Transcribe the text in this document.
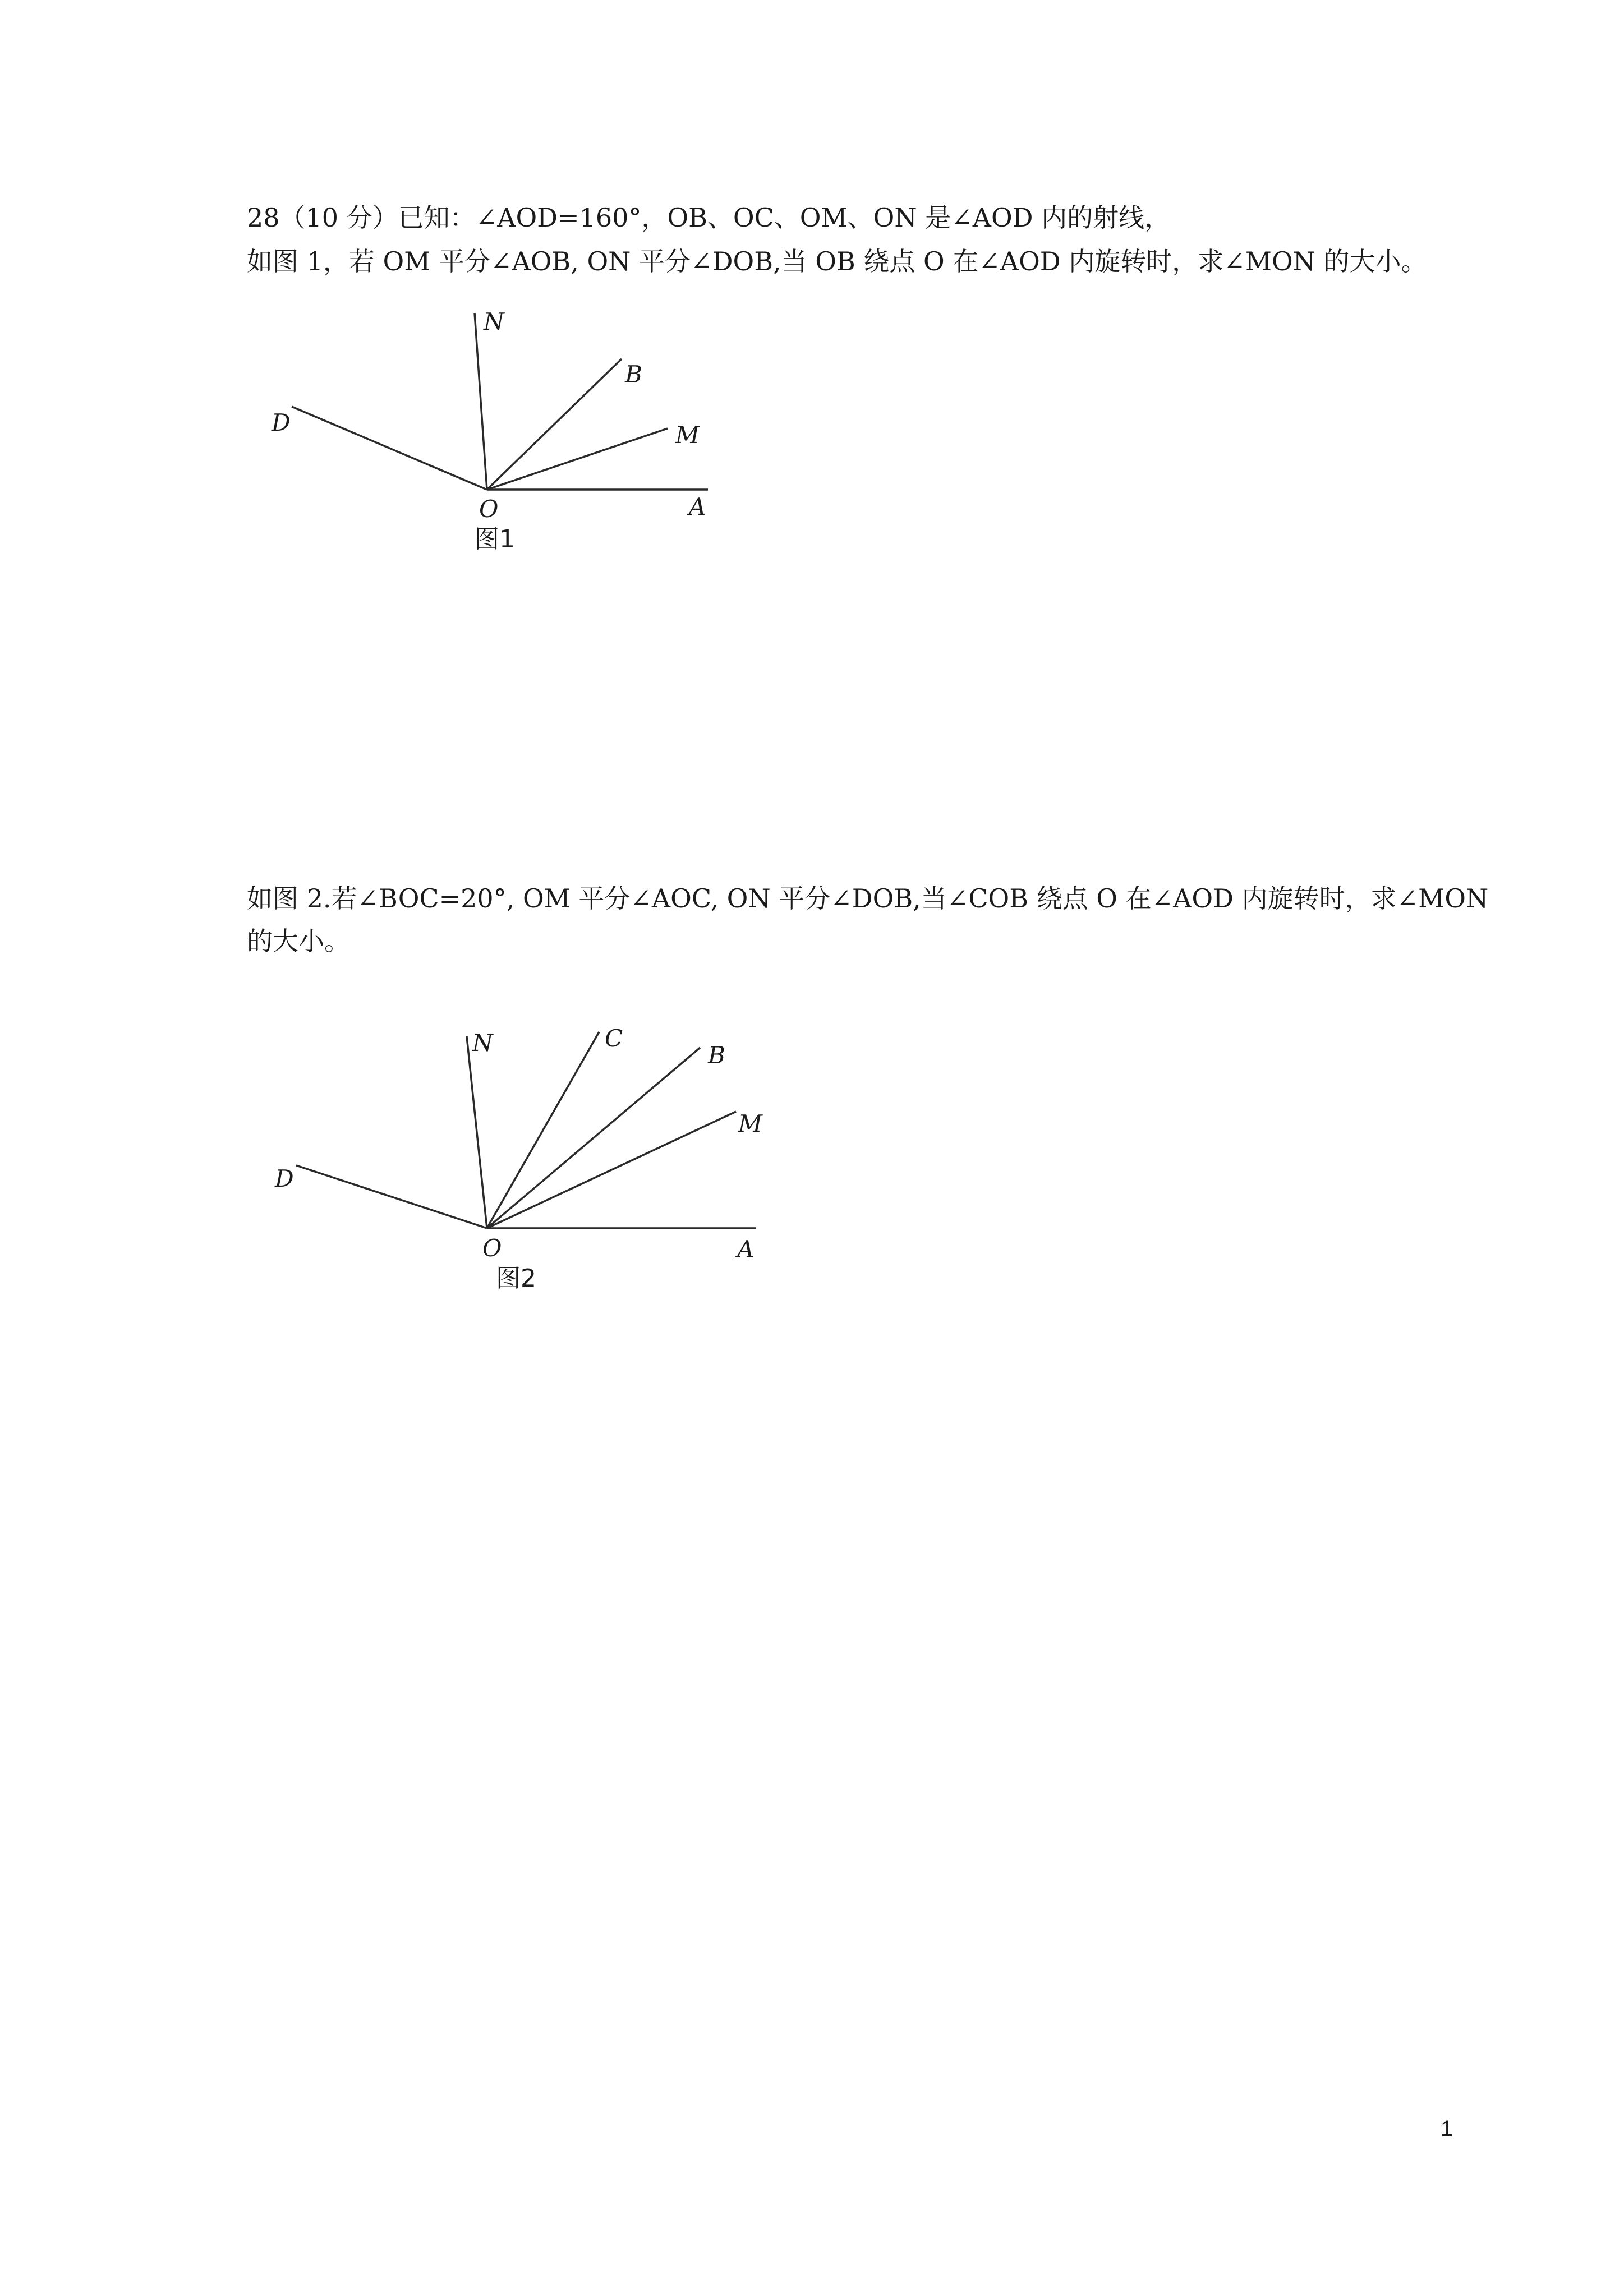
28（10 分）已知：∠AOD=160°，OB、OC、OM、ON 是∠AOD 内的射线，
如图 1，若 OM 平分∠AOB, ON 平分∠DOB,当 OB 绕点 O 在∠AOD 内旋转时，求∠MON 的大小。
N
B
M
D
O	A
图1
N	C
B
M
D
O	A
图2
如图 2.若∠BOC=20°, OM 平分∠AOC, ON 平分∠DOB,当∠COB 绕点 O 在∠AOD 内旋转时，求∠MON
的大小。
1
